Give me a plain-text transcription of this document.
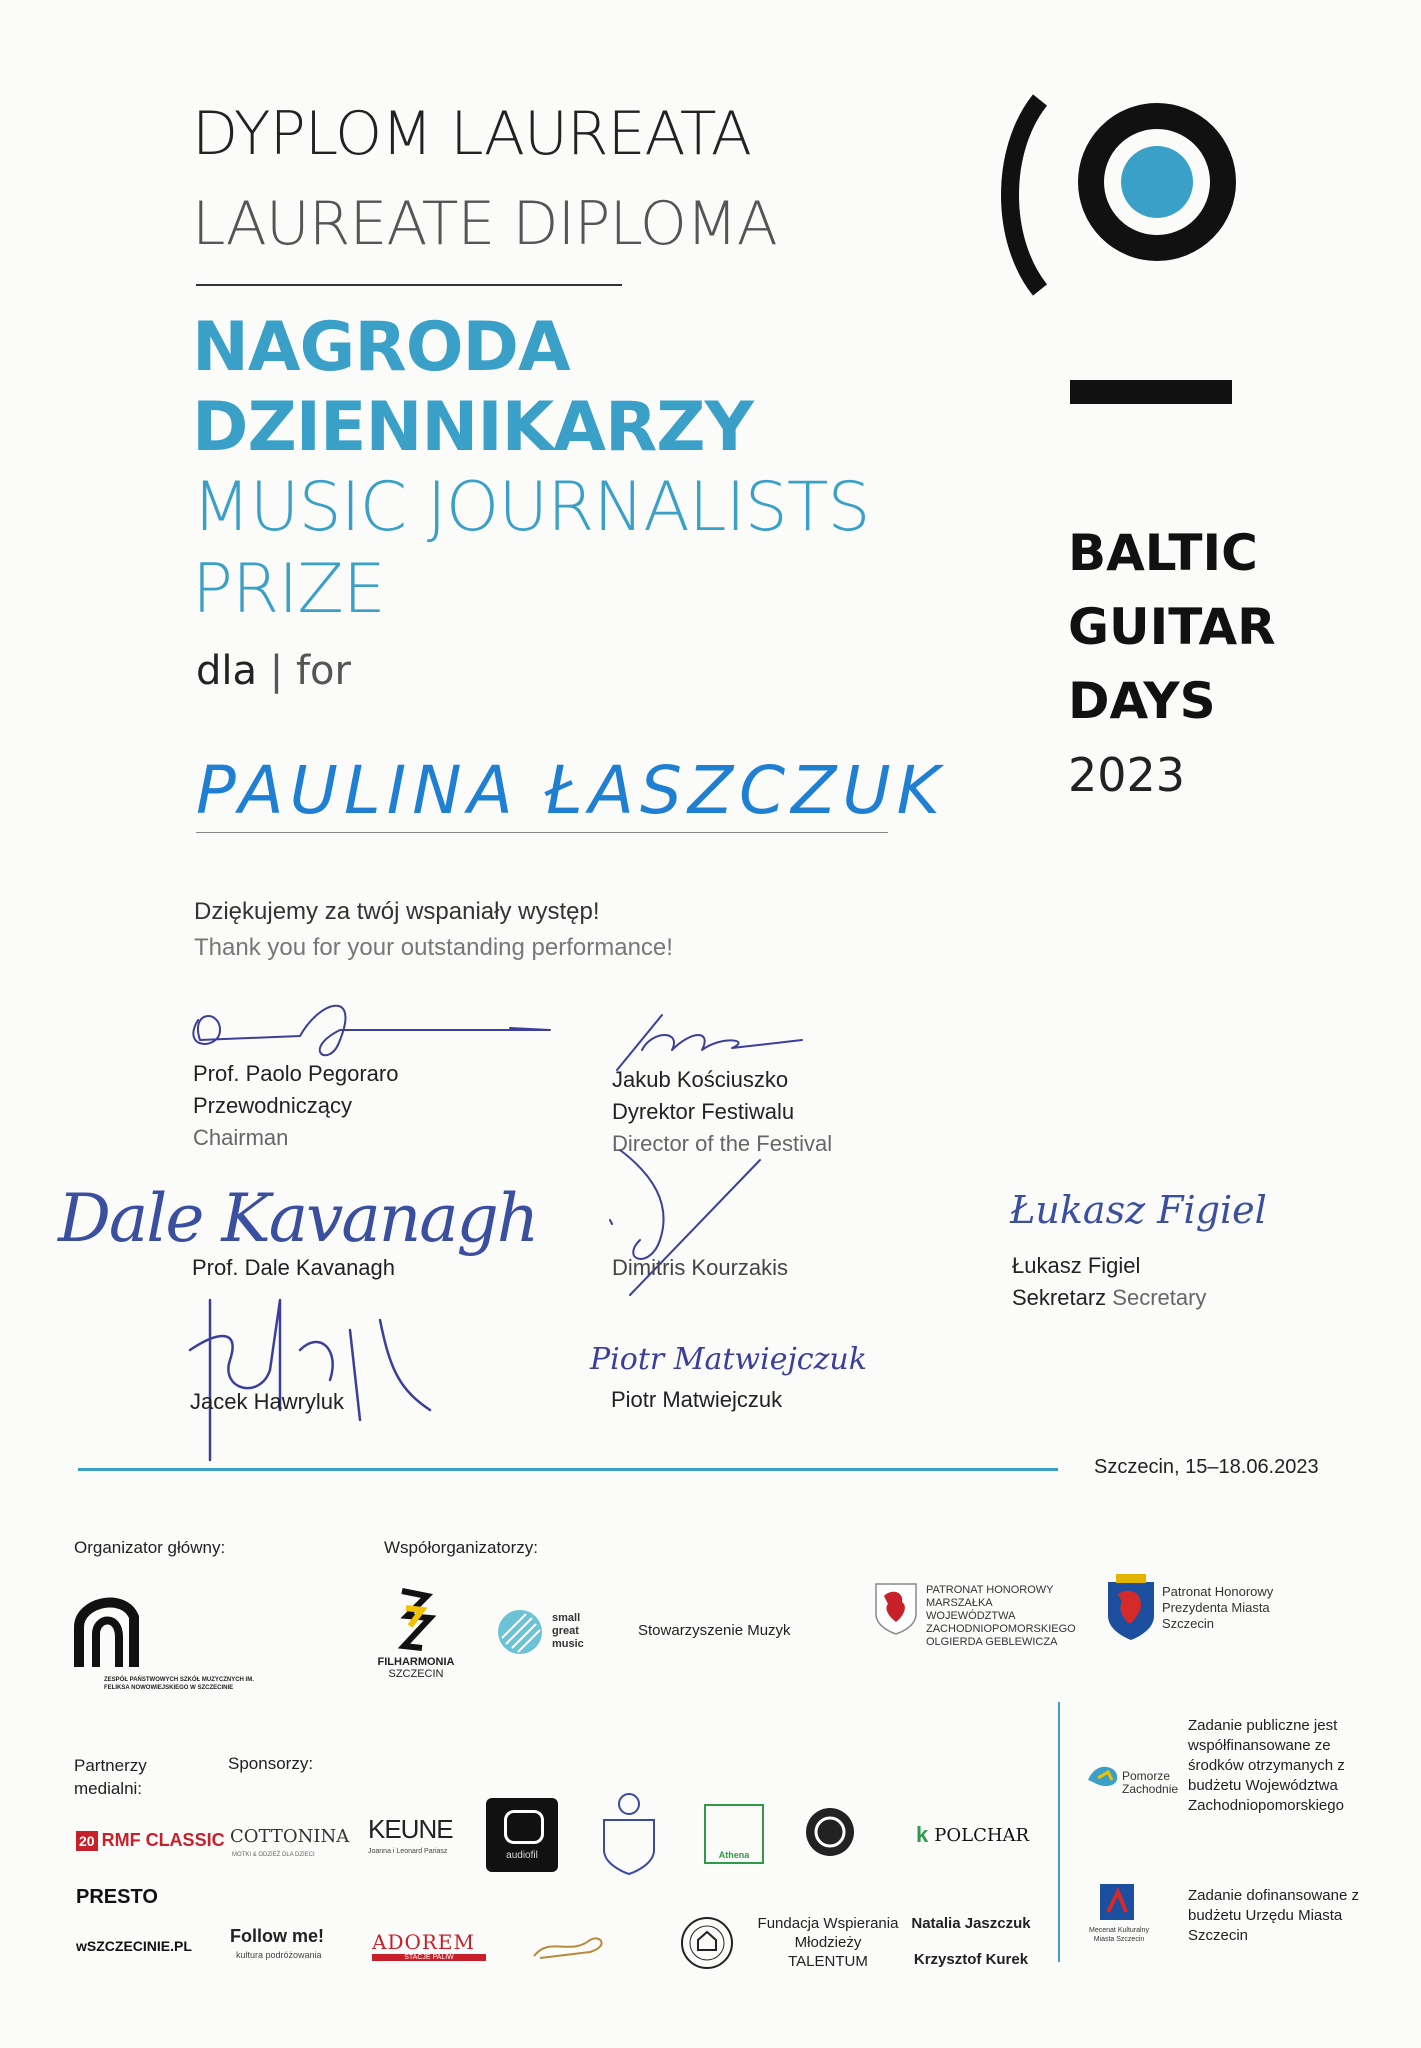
DYPLOM LAUREATA
LAUREATE DIPLOMA
NAGRODA
DZIENNIKARZY
MUSIC JOURNALISTS
PRIZE
dla | for
PAULINA ŁASZCZUK
Dziękujemy za twój wspaniały występ!
Thank you for your outstanding performance!
BALTIC
GUITAR
DAYS
2023
Prof. Paolo Pegoraro
Przewodniczący
Chairman
Jakub Kościuszko
Dyrektor Festiwalu
Director of the Festival
Dale Kavanagh
Prof. Dale Kavanagh	Dimitris Kourzakis
Łukasz Figiel
Łukasz Figiel
Sekretarz Secretary
Jacek Hawryluk
Piotr Matwiejczuk
Piotr Matwiejczuk
Szczecin, 15–18.06.2023
Organizator główny:
ZESPÓŁ PAŃSTWOWYCH SZKÓŁ MUZYCZNYCH IM. FELIKSA NOWOWIEJSKIEGO W SZCZECINIE
Współorganizatorzy:
FILHARMONIA
SZCZECIN
small great music
Stowarzyszenie Muzyk
PATRONAT HONOROWY MARSZAŁKA WOJEWÓDZTWA ZACHODNIOPOMORSKIEGO OLGIERDA GEBLEWICZA
Patronat Honorowy Prezydenta Miasta Szczecin
Partnerzy medialni:
Sponsorzy:
20 RMF CLASSIC
PRESTO
wSZCZECINIE.PL
COTTONINA
MOTKI & ODZIEŻ DLA DZIECI
KEUNE
Joanna i Leonard Pariasz	audiofil	Athena
k POLCHAR
Follow me!
kultura podróżowania
ADOREM
STACJE PALIW
Fundacja Wspierania Młodzieży TALENTUM
Natalia Jaszczuk
Krzysztof Kurek
Pomorze Zachodnie
Zadanie publiczne jest współfinansowane ze środków otrzymanych z budżetu Województwa Zachodniopomorskiego
Mecenat Kulturalny Miasta Szczecin
Zadanie dofinansowane z budżetu Urzędu Miasta Szczecin
